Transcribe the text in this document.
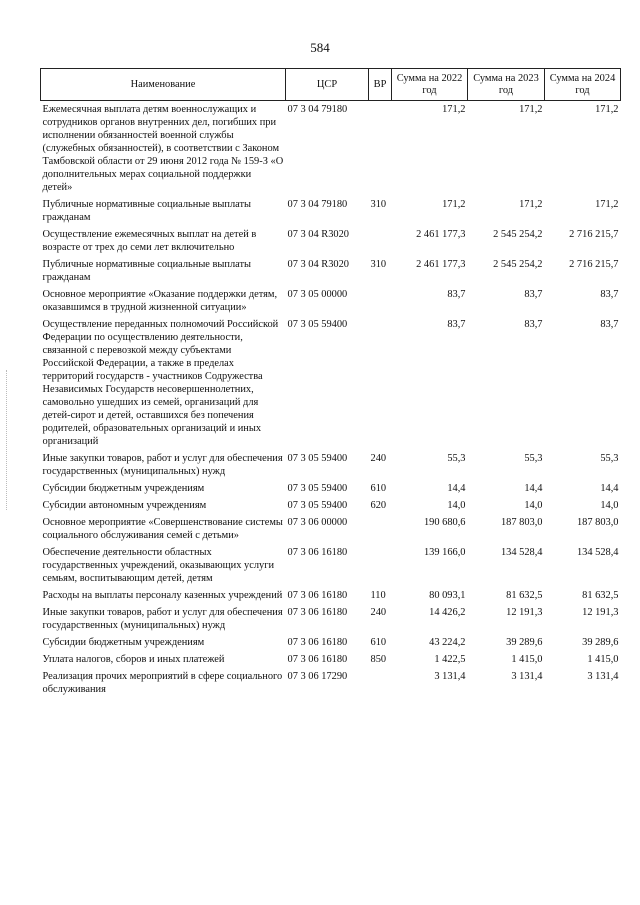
584
Наименование	ЦСР	ВР	Сумма на 2022 год	Сумма на 2023 год	Сумма на 2024 год
Ежемесячная выплата детям военнослужащих и сотрудников органов внутренних дел, погибших при исполнении обязанностей военной службы (служебных обязанностей), в соответствии с Законом Тамбовской области от 29 июня 2012 года № 159-З «О дополнительных мерах социальной поддержки детей»	07 3 04 79180		171,2	171,2	171,2
Публичные нормативные социальные выплаты гражданам	07 3 04 79180	310	171,2	171,2	171,2
Осуществление ежемесячных выплат на детей в возрасте от трех до семи лет включительно	07 3 04 R3020		2 461 177,3	2 545 254,2	2 716 215,7
Публичные нормативные социальные выплаты гражданам	07 3 04 R3020	310	2 461 177,3	2 545 254,2	2 716 215,7
Основное мероприятие «Оказание поддержки детям, оказавшимся в трудной жизненной ситуации»	07 3 05 00000		83,7	83,7	83,7
Осуществление переданных полномочий Российской Федерации по осуществлению деятельности, связанной с перевозкой между субъектами Российской Федерации, а также в пределах территорий государств - участников Содружества Независимых Государств несовершеннолетних, самовольно ушедших из семей, организаций для детей-сирот и детей, оставшихся без попечения родителей, образовательных организаций и иных организаций	07 3 05 59400		83,7	83,7	83,7
Иные закупки товаров, работ и услуг для обеспечения государственных (муниципальных) нужд	07 3 05 59400	240	55,3	55,3	55,3
Субсидии бюджетным учреждениям	07 3 05 59400	610	14,4	14,4	14,4
Субсидии автономным учреждениям	07 3 05 59400	620	14,0	14,0	14,0
Основное мероприятие «Совершенствование системы социального обслуживания семей с детьми»	07 3 06 00000		190 680,6	187 803,0	187 803,0
Обеспечение деятельности областных государственных учреждений, оказывающих услуги семьям, воспитывающим детей, детям	07 3 06 16180		139 166,0	134 528,4	134 528,4
Расходы на выплаты персоналу казенных учреждений	07 3 06 16180	110	80 093,1	81 632,5	81 632,5
Иные закупки товаров, работ и услуг для обеспечения государственных (муниципальных) нужд	07 3 06 16180	240	14 426,2	12 191,3	12 191,3
Субсидии бюджетным учреждениям	07 3 06 16180	610	43 224,2	39 289,6	39 289,6
Уплата налогов, сборов и иных платежей	07 3 06 16180	850	1 422,5	1 415,0	1 415,0
Реализация прочих мероприятий в сфере социального обслуживания	07 3 06 17290		3 131,4	3 131,4	3 131,4
